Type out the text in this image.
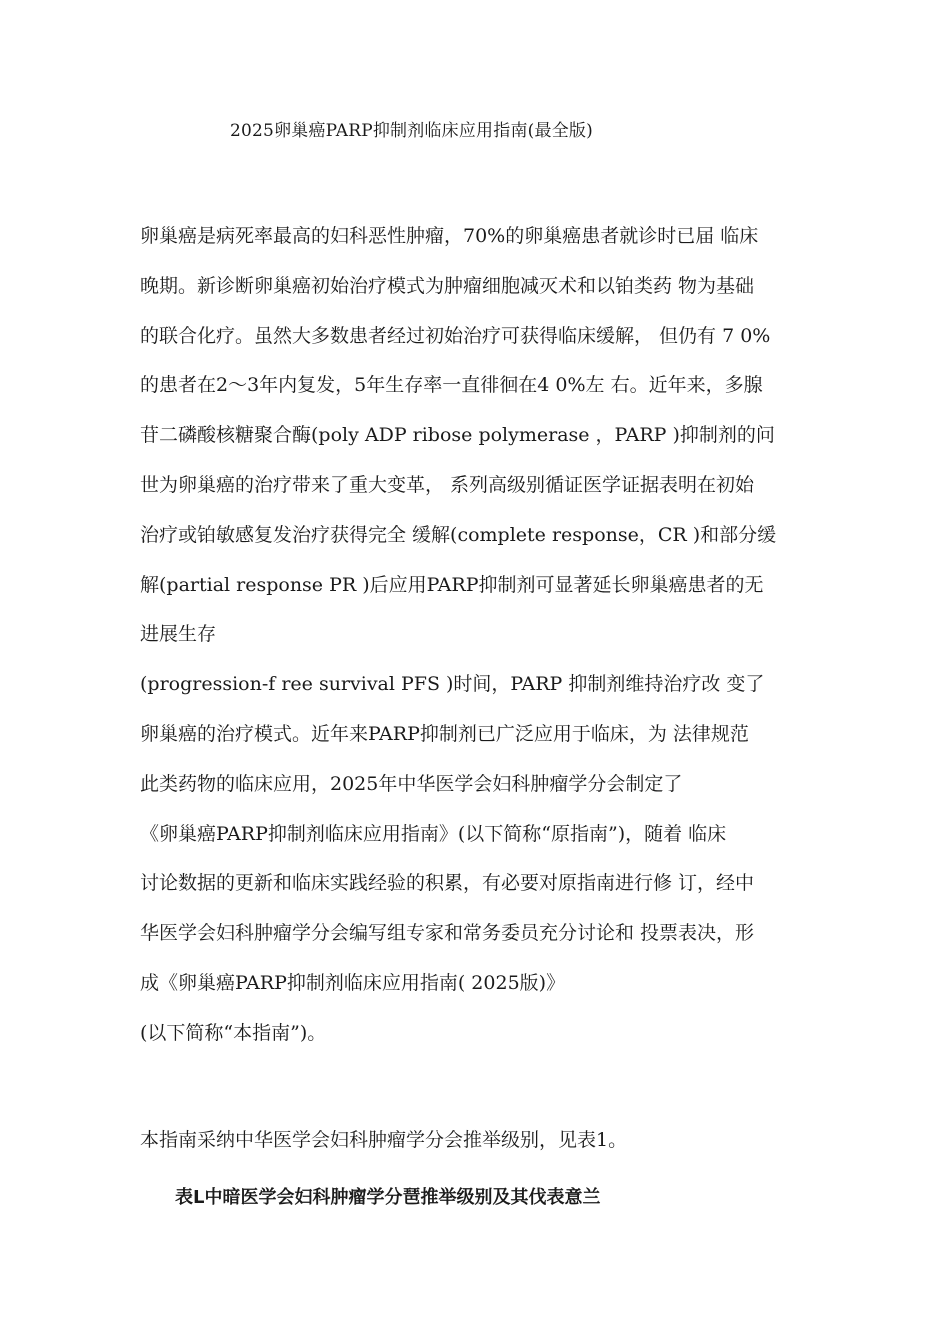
2025卵巢癌PARP抑制剂临床应用指南(最全版)
卵巢癌是病死率最高的妇科恶性肿瘤，70%的卵巢癌患者就诊时已届 临床
晚期。新诊断卵巢癌初始治疗模式为肿瘤细胞减灭术和以铂类药 物为基础
的联合化疗。虽然大多数患者经过初始治疗可获得临床缓解， 但仍有 7 0%
的患者在2〜3年内复发，5年生存率一直徘徊在4 0%左 右。近年来，多腺
苷二磷酸核糖聚合酶(poly ADP ribose polymerase ，PARP )抑制剂的问
世为卵巢癌的治疗带来了重大变革， 系列高级别循证医学证据表明在初始
治疗或铂敏感复发治疗获得完全 缓解(complete response，CR )和部分缓
解(partial response PR )后应用PARP抑制剂可显著延长卵巢癌患者的无
进展生存
(progression-f ree survival PFS )时间，PARP 抑制剂维持治疗改 变了
卵巢癌的治疗模式。近年来PARP抑制剂已广泛应用于临床，为 法律规范
此类药物的临床应用，2025年中华医学会妇科肿瘤学分会制定了
《卵巢癌PARP抑制剂临床应用指南》(以下简称“原指南”)，随着 临床
讨论数据的更新和临床实践经验的积累，有必要对原指南进行修 订，经中
华医学会妇科肿瘤学分会编写组专家和常务委员充分讨论和 投票表决，形
成《卵巢癌PARP抑制剂临床应用指南( 2025版)》
(以下简称“本指南”)。
本指南采纳中华医学会妇科肿瘤学分会推举级别，见表1。
表L中暗医学会妇科肿瘤学分琶推举级别及其伐表意兰
